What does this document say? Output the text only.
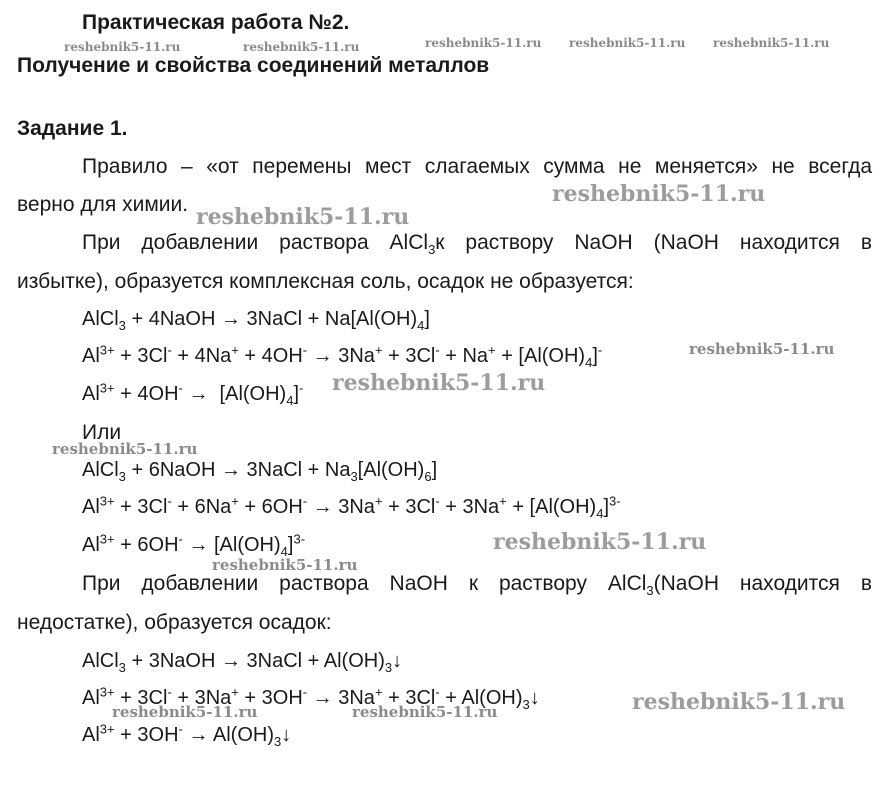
Практическая работа №2.
Получение и свойства соединений металлов
Задание 1.
Правило – «от перемены мест слагаемых сумма не меняется» не всегда
верно для химии.
При добавлении раствора AlCl$_3$к раствору NaOH (NaOH находится в
избытке), образуется комплексная соль, осадок не образуется:
AlCl$_3$ + 4NaOH → 3NaCl + $Na[Al(OH)_4]$
$Al^{3+} + 3Cl^- + 4Na^+ + 4OH^- \to 3Na^+ + 3Cl^- + Na^+ + [Al(OH)_4]^-$
$Al^{3+} + 4OH^- \to [Al(OH)_4]^-$
Или
AlCl$_3$ + 6NaOH → 3NaCl + $Na_3[Al(OH)_6]$
$Al^{3+} + 3Cl^- + 6Na^+ + 6OH^- \to 3Na^+ + 3Cl^- + 3Na^+ + [Al(OH)_4]^{3-}$
$Al^{3+} + 6OH^- \to [Al(OH)_4]^{3-}$
При добавлении раствора NaOH к раствору AlCl$_3$(NaOH находится в
недостатке), образуется осадок:
AlCl$_3$ + 3NaOH → 3NaCl + $Al(OH)_3↓$
$Al^{3+} + 3Cl^- + 3Na^+ + 3OH^- \to 3Na^+ + 3Cl^-$ + $Al(OH)_3↓$
$Al^{3+} + 3OH^-$ → $Al(OH)_3↓$
reshebnik5-11.ru	reshebnik5-11.ru	reshebnik5-11.ru reshebnik5-11.ru reshebnik5-11.ru
reshebnik5-11.ru
reshebnik5-11.ru
reshebnik5-11.ru
reshebnik5-11.ru
reshebnik5-11.ru
reshebnik5-11.ru
reshebnik5-11.ru
reshebnik5-11.ru
reshebnik5-11.ru	reshebnik5-11.ru
